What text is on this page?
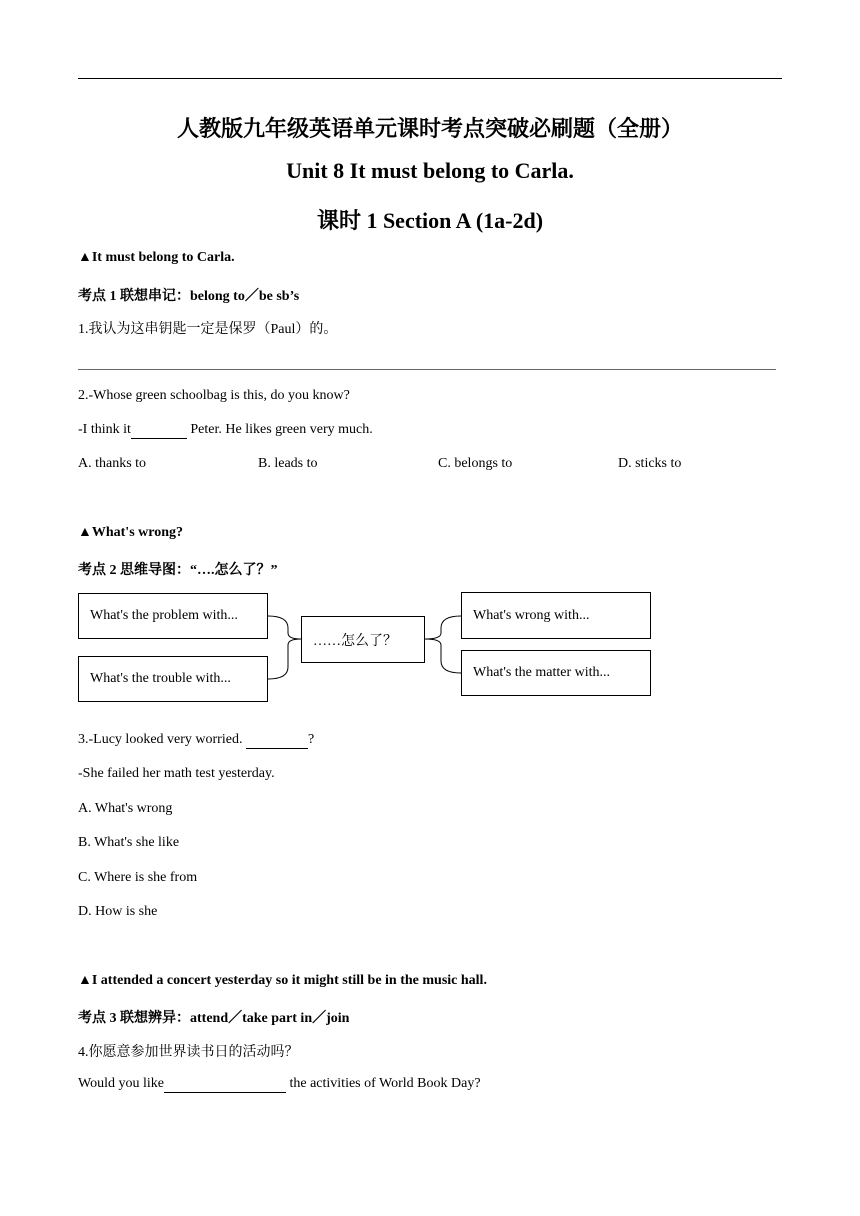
人教版九年级英语单元课时考点突破必刷题（全册）
Unit 8 It must belong to Carla.
课时 1 Section A (1a-2d)
▲It must belong to Carla.
考点 1 联想串记：belong to／be sb’s
1.我认为这串钥匙一定是保罗（Paul）的。
2.-Whose green schoolbag is this, do you know?
-I think it	Peter. He likes green very much.
A. thanks to	B. leads to	C. belongs to	D. sticks to
▲What's wrong?
考点 2 思维导图：“….怎么了？”
What's the problem with...
What's the trouble with...
……怎么了？
What's wrong with...
What's the matter with...
3.-Lucy looked very worried.	?
-She failed her math test yesterday.
A. What's wrong
B. What's she like
C. Where is she from
D. How is she
▲I attended a concert yesterday so it might still be in the music hall.
考点 3 联想辨异：attend／take part in／join
4.你愿意参加世界读书日的活动吗？
Would you like	the activities of World Book Day?
